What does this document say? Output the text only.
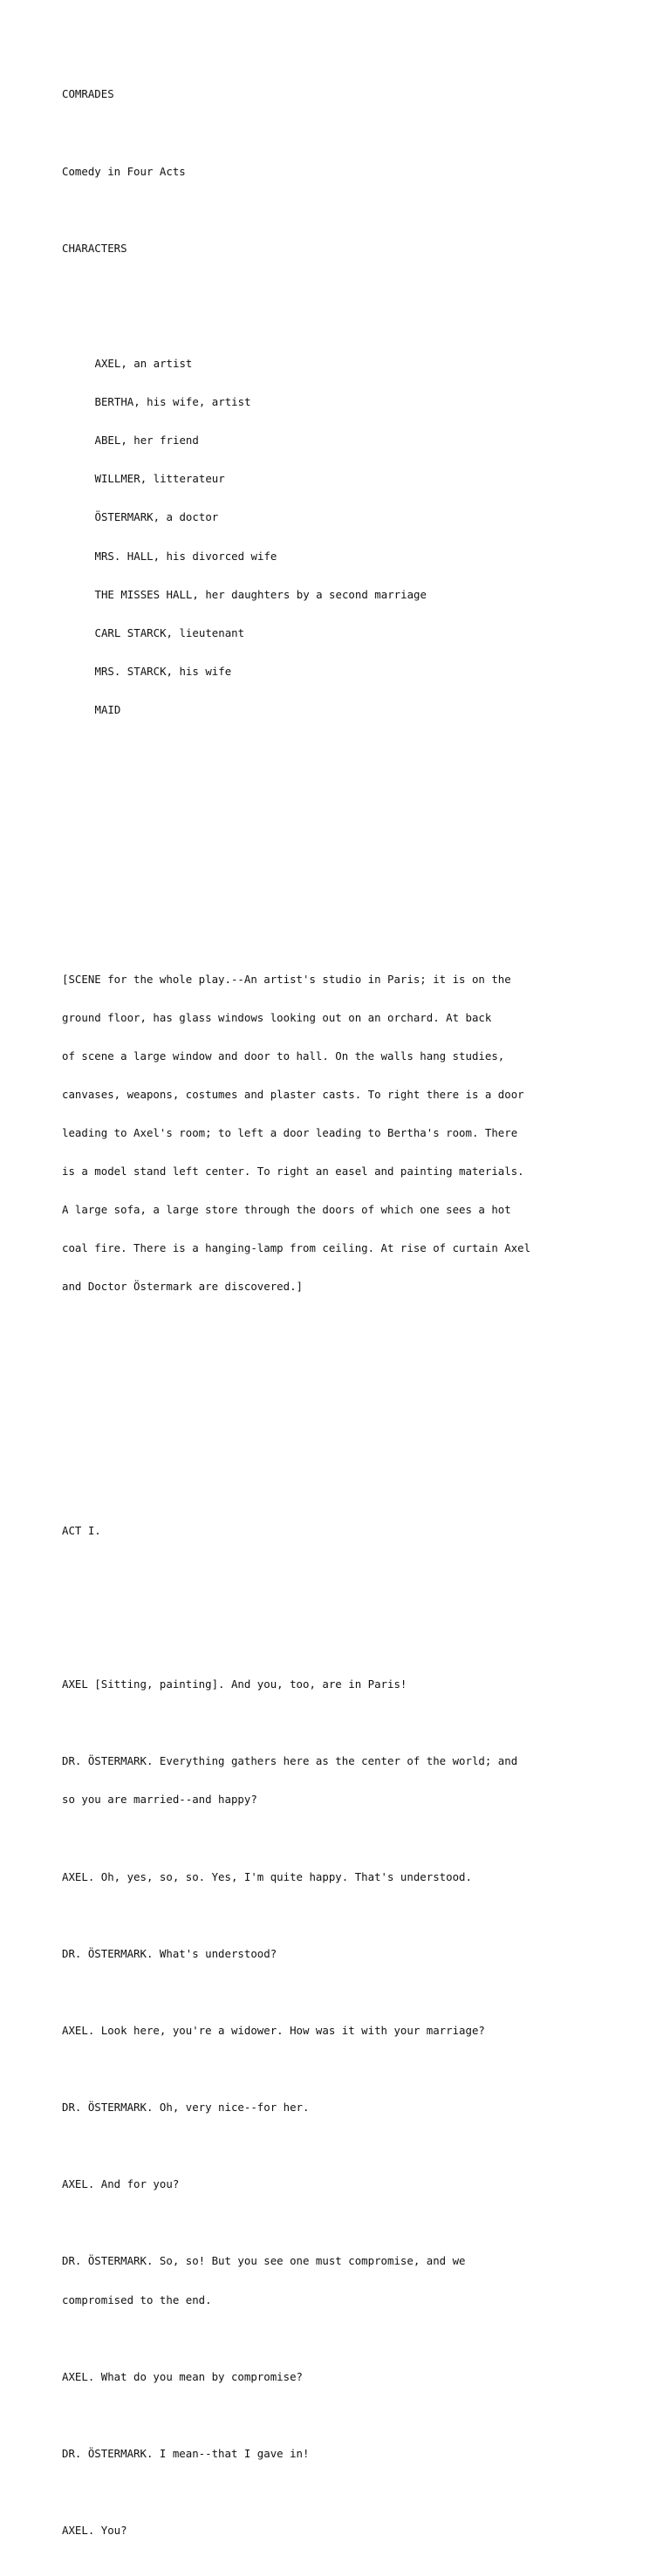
COMRADES

Comedy in Four Acts

CHARACTERS

AXEL, an artist

BERTHA, his wife, artist

ABEL, her friend

WILLMER, litterateur

ÖSTERMARK, a doctor

MRS. HALL, his divorced wife

THE MISSES HALL, her daughters by a second marriage

CARL STARCK, lieutenant

MRS. STARCK, his wife

MAID

[SCENE for the whole play.--An artist's studio in Paris; it is on the

ground floor, has glass windows looking out on an orchard. At back

of scene a large window and door to hall. On the walls hang studies,

canvases, weapons, costumes and plaster casts. To right there is a door

leading to Axel's room; to left a door leading to Bertha's room. There

is a model stand left center. To right an easel and painting materials.

A large sofa, a large store through the doors of which one sees a hot

coal fire. There is a hanging-lamp from ceiling. At rise of curtain Axel

and Doctor Östermark are discovered.]

ACT I.

AXEL [Sitting, painting]. And you, too, are in Paris!

DR. ÖSTERMARK. Everything gathers here as the center of the world; and

so you are married--and happy?

AXEL. Oh, yes, so, so. Yes, I'm quite happy. That's understood.

DR. ÖSTERMARK. What's understood?

AXEL. Look here, you're a widower. How was it with your marriage?

DR. ÖSTERMARK. Oh, very nice--for her.

AXEL. And for you?

DR. ÖSTERMARK. So, so! But you see one must compromise, and we

compromised to the end.

AXEL. What do you mean by compromise?

DR. ÖSTERMARK. I mean--that I gave in!

AXEL. You?
